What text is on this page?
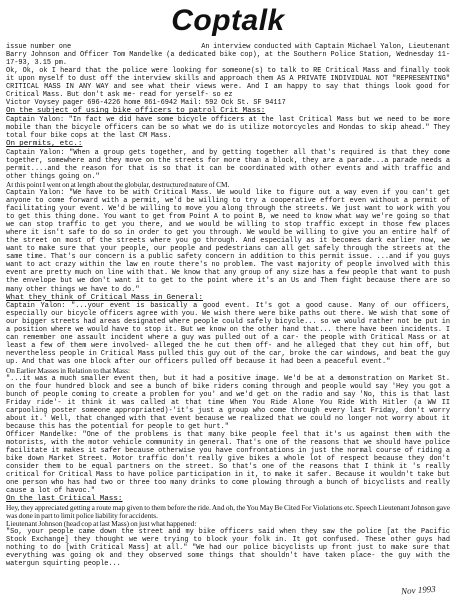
Coptalk
issue number one	An interview conducted with Captain Michael Yalon, Lieutenant

Barry Johnson and Officer Tom Mandelke (a dedicated bike cop), at the Southern Police Station, Wednesday 11-17-93, 3.15 pm.

Ok, Ok, ok I heard that the police were looking for someone(s) to talk to RE Critical Mass and finally took it upon myself to dust off the interview skills and approach them AS A PRIVATE INDIVIDUAL NOT "REPRESENTING" CRITICAL MASS IN ANY WAY and see what their views were. And I am happy to say that things look good for Critical Mass. But don't ask me- read for yerself- so ez

Victor Voysey pager 696-4226 home 861-6942 Mail: 592 Ock St. SF 94117

On the subject of using bike officers to patrol Crit Mass:

Captain Yalon: "In fact we did have some bicycle officers at the last Critical Mass but we need to be more mobile than the bicycle officers can be so what we do is utilize motorcycles and Hondas to skip ahead." They total four bike cops at the last CM Mass.

On permits, etc.:

Captain Yalon: "When a group gets together, and by getting together all that's required is that they come together, somewhere and they move on the streets for more than a block, they are a parade...a parade needs a permit....and the reason for that is so that it can be coordinated with other events and with traffic and other things going on."

At this point I went on at length about the globular, destructured nature of CM.

Captain Yalon: "We have to be with Critical Mass. We would like to figure out a way even if you can't get anyone to come forward with a permit, we'd be willing to try a cooperative effort even without a permit of facilitating your event. We'd be willing to move you along through the streets. We just want to work with you to get this thing done. You want to get from Point A to point B, we need to know what way we're going so that we can stop traffic to get you there, and we would be willing to stop traffic except in those few places where it isn't safe to do so in order to get you through. We would be willing to give you an entire half of the street on most of the streets where you go through. And especially as it becomes dark earlier now, we want to make sure that your people, our people and pedestrians can all get safely through the streets at the same time. That's our concern is a public safety concern in addition to this permit issue. ...and if you guys want to act crazy within the law en route there's no problem. The vast majority of people involved with this event are pretty much on line with that. We know that any group of any size has a few people that want to push the envelope but we don't want it to get to the point where it's an Us and Them fight because there are so many other things we have to do."

What they think of Critical Mass in General:

Captain Yalon: "...your event is basically a good event. It's got a good cause. Many of our officers, especially our bicycle officers agree with you. We wish there were bike paths out there. We wish that some of our bigger streets had areas designated where people could safely bicycle... so we would rather not be put in a position where we would have to stop it. But we know on the other hand that... there have been incidents. I can remember one assault incident where a guy was pulled out of a car- the people with Critical Mass or at least a few of them were involved- alleged the he cut them off- and he alleged that they cut him off, but nevertheless people in Critical Mass pulled this guy out of the car, broke the car windows, and beat the guy up. And that was one block after our officers pulled off because it had been a peaceful event."

On Earlier Masses in Relation to that Mass:

"...it was a much smaller event then, but it had a positive image. We'd be at a demonstration on Market St. on the four hundred block and see a bunch of bike riders coming through and people would say 'Hey you got a bunch of people coming to create a problem for you' and we'd get on the radio and say 'No, this is that last Friday ride'- it think it was called at that time When You Ride Alone You Ride With Hitler (a WW II carpooling poster someone appropriated)-'it's just a group who come through every last Friday, don't worry about it.' Well, that changed with that event because we realized that we could no longer not worry about it because this has the potential for people to get hurt."

Officer Mandelke: "One of the problems is that many bike people feel that it's us against them with the motorists, with the motor vehicle community in general. That's one of the reasons that we should have police facilitate it makes it safer because otherwise you have confrontations in just the normal course of riding a bike down Market Street. Motor traffic don't really give bikes a whole lot of respect because they don't consider them to be equal partners on the street. So that's one of the reasons that I think it 's really critical for Critical Mass to have police participation in it, to make it safer. Because it wouldn't take but one person who has had two or three too many drinks to come plowing through a bunch of bicyclists and really cause a lot of havoc."

On the last Critical Mass:

Hey, they appreciated getting a route map given to them before the ride. And oh, the You May Be Cited For Violations etc. Speech Lieutenant Johnson gave was done in part to limit police liability for accidents.

Lieutenant Johnson (head cop at last Mass) on just what happened:

"So, your people came down the street and my bike officers said when they saw the police [at the Pacific Stock Exchange] they thought we were trying to block your folk in. It got confused. These other guys had nothing to do [with Critical Mass] at all." "We had our police bicyclists up front just to make sure that everything was going ok and they observed some things that shouldn't have taken place- the guy with the watergun squirting people...

Nov 1993
